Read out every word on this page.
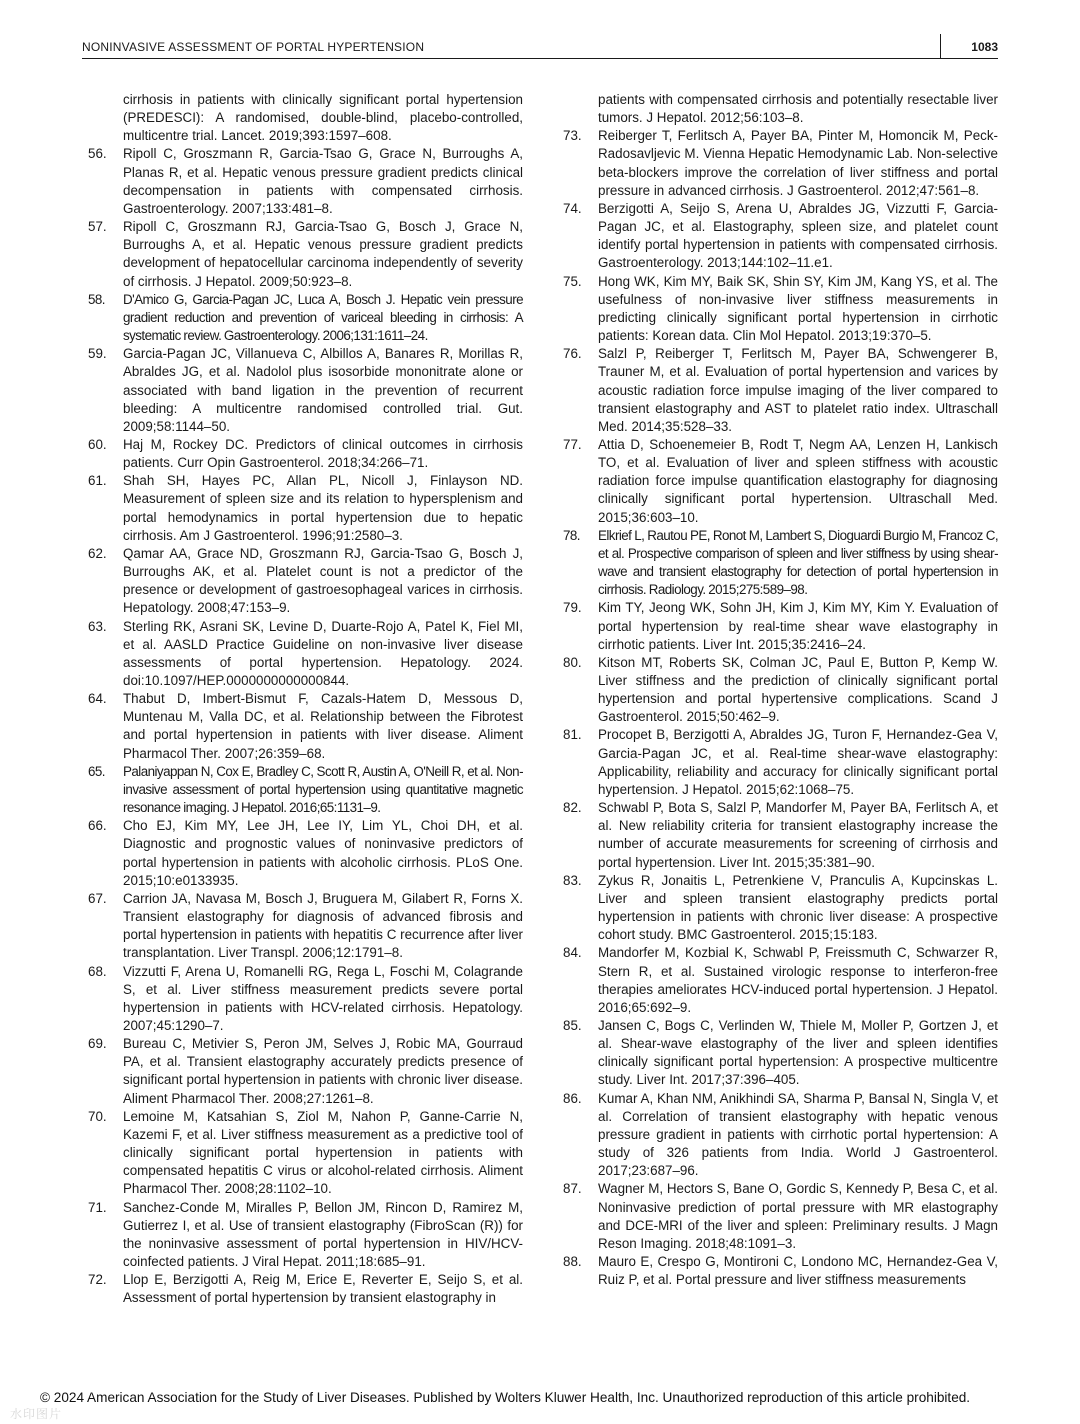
NONINVASIVE ASSESSMENT OF PORTAL HYPERTENSION	1083
cirrhosis in patients with clinically significant portal hypertension (PREDESCI): A randomised, double-blind, placebo-controlled, multicentre trial. Lancet. 2019;393:1597–608.
56. Ripoll C, Groszmann R, Garcia-Tsao G, Grace N, Burroughs A, Planas R, et al. Hepatic venous pressure gradient predicts clinical decompensation in patients with compensated cirrhosis. Gastroenterology. 2007;133:481–8.
57. Ripoll C, Groszmann RJ, Garcia-Tsao G, Bosch J, Grace N, Burroughs A, et al. Hepatic venous pressure gradient predicts development of hepatocellular carcinoma independently of severity of cirrhosis. J Hepatol. 2009;50:923–8.
58. D'Amico G, Garcia-Pagan JC, Luca A, Bosch J. Hepatic vein pressure gradient reduction and prevention of variceal bleeding in cirrhosis: A systematic review. Gastroenterology. 2006;131:1611–24.
59. Garcia-Pagan JC, Villanueva C, Albillos A, Banares R, Morillas R, Abraldes JG, et al. Nadolol plus isosorbide mononitrate alone or associated with band ligation in the prevention of recurrent bleeding: A multicentre randomised controlled trial. Gut. 2009;58:1144–50.
60. Haj M, Rockey DC. Predictors of clinical outcomes in cirrhosis patients. Curr Opin Gastroenterol. 2018;34:266–71.
61. Shah SH, Hayes PC, Allan PL, Nicoll J, Finlayson ND. Measurement of spleen size and its relation to hypersplenism and portal hemodynamics in portal hypertension due to hepatic cirrhosis. Am J Gastroenterol. 1996;91:2580–3.
62. Qamar AA, Grace ND, Groszmann RJ, Garcia-Tsao G, Bosch J, Burroughs AK, et al. Platelet count is not a predictor of the presence or development of gastroesophageal varices in cirrhosis. Hepatology. 2008;47:153–9.
63. Sterling RK, Asrani SK, Levine D, Duarte-Rojo A, Patel K, Fiel MI, et al. AASLD Practice Guideline on non-invasive liver disease assessments of portal hypertension. Hepatology. 2024. doi:10.1097/HEP.0000000000000844.
64. Thabut D, Imbert-Bismut F, Cazals-Hatem D, Messous D, Muntenau M, Valla DC, et al. Relationship between the Fibrotest and portal hypertension in patients with liver disease. Aliment Pharmacol Ther. 2007;26:359–68.
65. Palaniyappan N, Cox E, Bradley C, Scott R, Austin A, O'Neill R, et al. Non-invasive assessment of portal hypertension using quantitative magnetic resonance imaging. J Hepatol. 2016;65:1131–9.
66. Cho EJ, Kim MY, Lee JH, Lee IY, Lim YL, Choi DH, et al. Diagnostic and prognostic values of noninvasive predictors of portal hypertension in patients with alcoholic cirrhosis. PLoS One. 2015;10:e0133935.
67. Carrion JA, Navasa M, Bosch J, Bruguera M, Gilabert R, Forns X. Transient elastography for diagnosis of advanced fibrosis and portal hypertension in patients with hepatitis C recurrence after liver transplantation. Liver Transpl. 2006;12:1791–8.
68. Vizzutti F, Arena U, Romanelli RG, Rega L, Foschi M, Colagrande S, et al. Liver stiffness measurement predicts severe portal hypertension in patients with HCV-related cirrhosis. Hepatology. 2007;45:1290–7.
69. Bureau C, Metivier S, Peron JM, Selves J, Robic MA, Gourraud PA, et al. Transient elastography accurately predicts presence of significant portal hypertension in patients with chronic liver disease. Aliment Pharmacol Ther. 2008;27:1261–8.
70. Lemoine M, Katsahian S, Ziol M, Nahon P, Ganne-Carrie N, Kazemi F, et al. Liver stiffness measurement as a predictive tool of clinically significant portal hypertension in patients with compensated hepatitis C virus or alcohol-related cirrhosis. Aliment Pharmacol Ther. 2008;28:1102–10.
71. Sanchez-Conde M, Miralles P, Bellon JM, Rincon D, Ramirez M, Gutierrez I, et al. Use of transient elastography (FibroScan (R)) for the noninvasive assessment of portal hypertension in HIV/HCV-coinfected patients. J Viral Hepat. 2011;18:685–91.
72. Llop E, Berzigotti A, Reig M, Erice E, Reverter E, Seijo S, et al. Assessment of portal hypertension by transient elastography in
patients with compensated cirrhosis and potentially resectable liver tumors. J Hepatol. 2012;56:103–8.
73. Reiberger T, Ferlitsch A, Payer BA, Pinter M, Homoncik M, Peck-Radosavljevic M. Vienna Hepatic Hemodynamic Lab. Non-selective beta-blockers improve the correlation of liver stiffness and portal pressure in advanced cirrhosis. J Gastroenterol. 2012;47:561–8.
74. Berzigotti A, Seijo S, Arena U, Abraldes JG, Vizzutti F, Garcia-Pagan JC, et al. Elastography, spleen size, and platelet count identify portal hypertension in patients with compensated cirrhosis. Gastroenterology. 2013;144:102–11.e1.
75. Hong WK, Kim MY, Baik SK, Shin SY, Kim JM, Kang YS, et al. The usefulness of non-invasive liver stiffness measurements in predicting clinically significant portal hypertension in cirrhotic patients: Korean data. Clin Mol Hepatol. 2013;19:370–5.
76. Salzl P, Reiberger T, Ferlitsch M, Payer BA, Schwengerer B, Trauner M, et al. Evaluation of portal hypertension and varices by acoustic radiation force impulse imaging of the liver compared to transient elastography and AST to platelet ratio index. Ultraschall Med. 2014;35:528–33.
77. Attia D, Schoenemeier B, Rodt T, Negm AA, Lenzen H, Lankisch TO, et al. Evaluation of liver and spleen stiffness with acoustic radiation force impulse quantification elastography for diagnosing clinically significant portal hypertension. Ultraschall Med. 2015;36:603–10.
78. Elkrief L, Rautou PE, Ronot M, Lambert S, Dioguardi Burgio M, Francoz C, et al. Prospective comparison of spleen and liver stiffness by using shear-wave and transient elastography for detection of portal hypertension in cirrhosis. Radiology. 2015;275:589–98.
79. Kim TY, Jeong WK, Sohn JH, Kim J, Kim MY, Kim Y. Evaluation of portal hypertension by real-time shear wave elastography in cirrhotic patients. Liver Int. 2015;35:2416–24.
80. Kitson MT, Roberts SK, Colman JC, Paul E, Button P, Kemp W. Liver stiffness and the prediction of clinically significant portal hypertension and portal hypertensive complications. Scand J Gastroenterol. 2015;50:462–9.
81. Procopet B, Berzigotti A, Abraldes JG, Turon F, Hernandez-Gea V, Garcia-Pagan JC, et al. Real-time shear-wave elastography: Applicability, reliability and accuracy for clinically significant portal hypertension. J Hepatol. 2015;62:1068–75.
82. Schwabl P, Bota S, Salzl P, Mandorfer M, Payer BA, Ferlitsch A, et al. New reliability criteria for transient elastography increase the number of accurate measurements for screening of cirrhosis and portal hypertension. Liver Int. 2015;35:381–90.
83. Zykus R, Jonaitis L, Petrenkiene V, Pranculis A, Kupcinskas L. Liver and spleen transient elastography predicts portal hypertension in patients with chronic liver disease: A prospective cohort study. BMC Gastroenterol. 2015;15:183.
84. Mandorfer M, Kozbial K, Schwabl P, Freissmuth C, Schwarzer R, Stern R, et al. Sustained virologic response to interferon-free therapies ameliorates HCV-induced portal hypertension. J Hepatol. 2016;65:692–9.
85. Jansen C, Bogs C, Verlinden W, Thiele M, Moller P, Gortzen J, et al. Shear-wave elastography of the liver and spleen identifies clinically significant portal hypertension: A prospective multicentre study. Liver Int. 2017;37:396–405.
86. Kumar A, Khan NM, Anikhindi SA, Sharma P, Bansal N, Singla V, et al. Correlation of transient elastography with hepatic venous pressure gradient in patients with cirrhotic portal hypertension: A study of 326 patients from India. World J Gastroenterol. 2017;23:687–96.
87. Wagner M, Hectors S, Bane O, Gordic S, Kennedy P, Besa C, et al. Noninvasive prediction of portal pressure with MR elastography and DCE-MRI of the liver and spleen: Preliminary results. J Magn Reson Imaging. 2018;48:1091–3.
88. Mauro E, Crespo G, Montironi C, Londono MC, Hernandez-Gea V, Ruiz P, et al. Portal pressure and liver stiffness measurements
© 2024 American Association for the Study of Liver Diseases. Published by Wolters Kluwer Health, Inc. Unauthorized reproduction of this article prohibited.
水印图片
